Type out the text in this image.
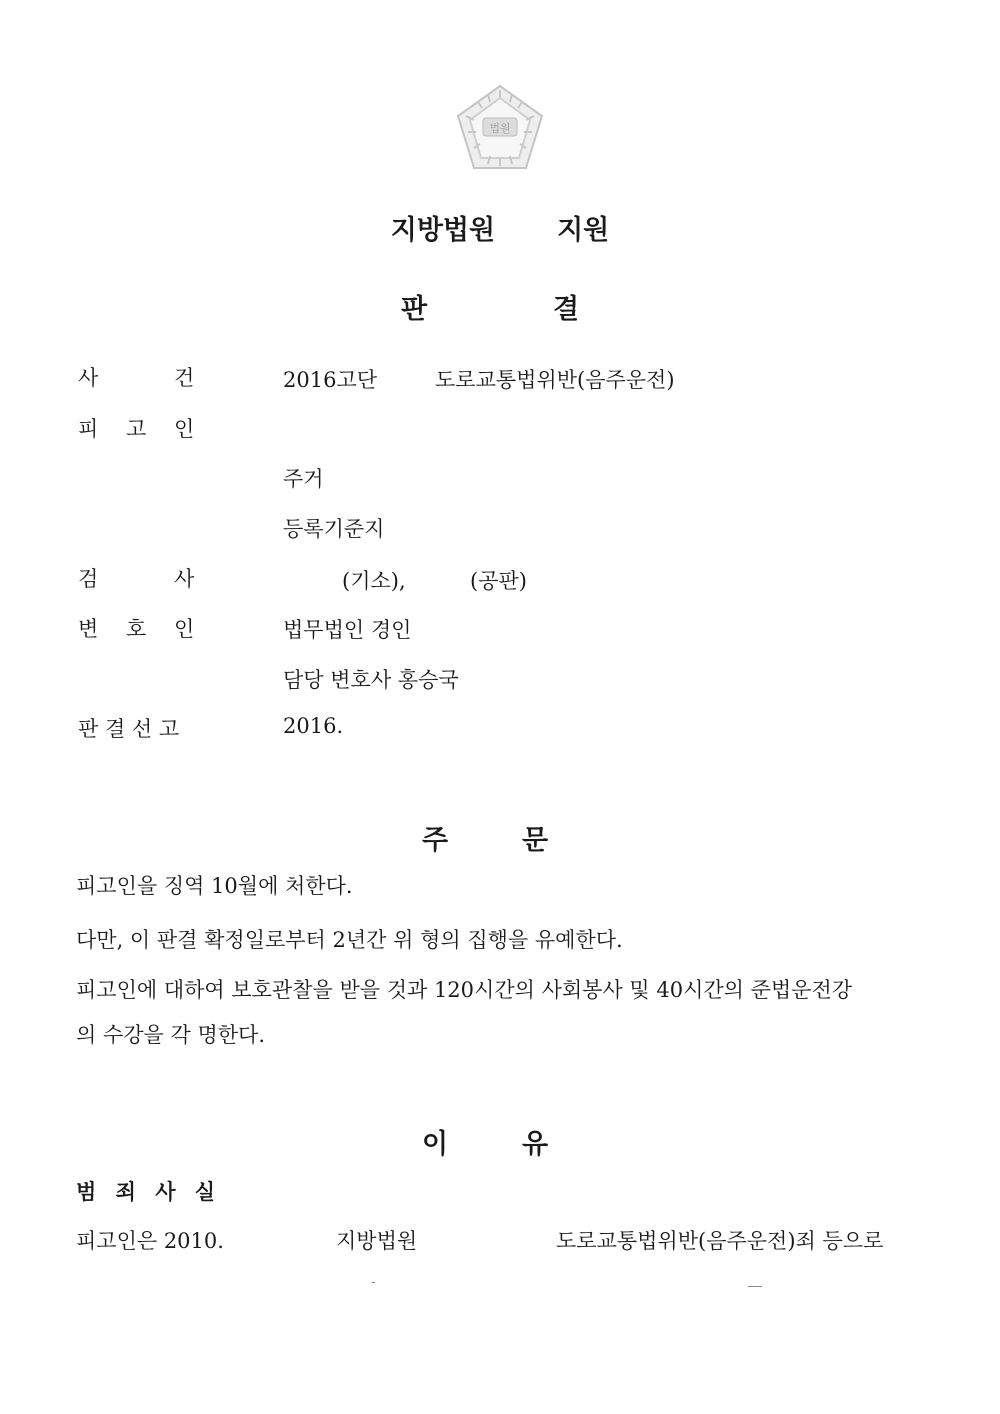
법원
지방법원 지원
판	결
사	건	2016고단	도로교통법위반(음주운전)
피 고 인
주거
등록기준지
검	사	(기소),	(공판)
변 호 인	법무법인 경인
담당 변호사 홍승국
판 결 선 고	2016.
주	문
피고인을 징역 10월에 처한다.
다만, 이 판결 확정일로부터 2년간 위 형의 집행을 유예한다.
피고인에 대하여 보호관찰을 받을 것과 120시간의 사회봉사 및 40시간의 준법운전강
의 수강을 각 명한다.
이	유
범 죄 사 실
피고인은 2010.	지방법원	도로교통법위반(음주운전)죄 등으로
